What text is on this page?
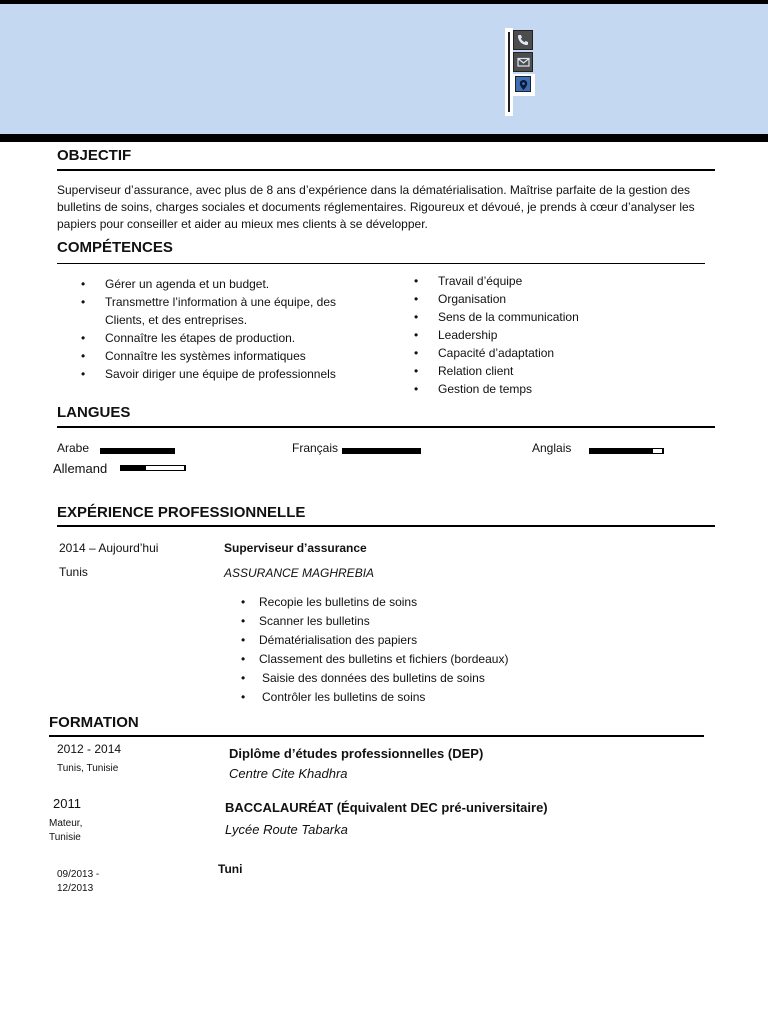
OBJECTIF
Superviseur d’assurance, avec plus de 8 ans d’expérience dans la dématérialisation. Maîtrise parfaite de la gestion des bulletins de soins, charges sociales et documents réglementaires. Rigoureux et dévoué, je prends à cœur d’analyser les papiers pour conseiller et aider au mieux mes clients à se développer.
COMPÉTENCES
• Gérer un agenda et un budget.
• Transmettre l’information à une équipe, des Clients, et des entreprises.
• Connaître les étapes de production.
• Connaître les systèmes informatiques
• Savoir diriger une équipe de professionnels
• Travail d’équipe
• Organisation
• Sens de la communication
• Leadership
• Capacité d’adaptation
• Relation client
• Gestion de temps
LANGUES
Arabe	Français	Anglais
Allemand
EXPÉRIENCE PROFESSIONNELLE
2014 – Aujourd’hui
Tunis
Superviseur d’assurance
ASSURANCE MAGHREBIA
• Recopie les bulletins de soins
• Scanner les bulletins
• Dématérialisation des papiers
• Classement des bulletins et fichiers (bordeaux)
• Saisie des données des bulletins de soins
• Contrôler les bulletins de soins
FORMATION
2012 - 2014
Tunis, Tunisie
Diplôme d’études professionnelles (DEP)
Centre Cite Khadhra
2011
Mateur, Tunisie
BACCALAURÉAT (Équivalent DEC pré-universitaire)
Lycée Route Tabarka
09/2013 - 12/2013
Tuni
